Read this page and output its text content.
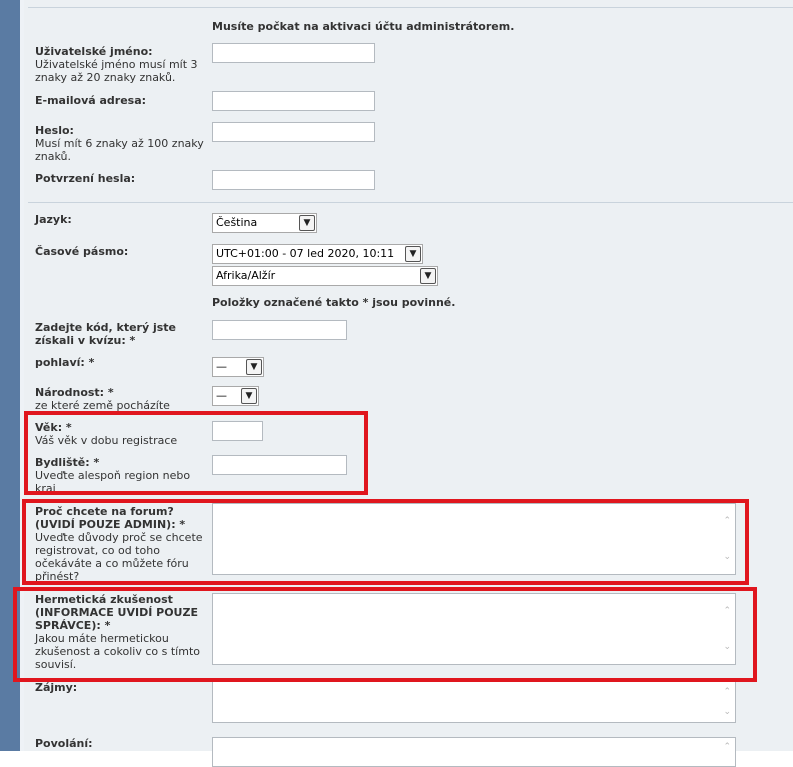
Musíte počkat na aktivaci účtu administrátorem.
Uživatelské jméno:
Uživatelské jméno musí mít 3 znaky až 20 znaky znaků.
E-mailová adresa:
Heslo:
Musí mít 6 znaky až 100 znaky znaků.
Potvrzení hesla:
Jazyk:	Čeština	▼
Časové pásmo:	UTC+01:00 - 07 led 2020, 10:11	▼
Afrika/Alžír	▼
Položky označené takto * jsou povinné.
Zadejte kód, který jste získali v kvízu: *
pohlaví: *	—	▼
Národnost: *
ze které země pocházíte
—	▼
Věk: *
Váš věk v dobu registrace
Bydliště: *
Uveďte alespoň region nebo kraj
Proč chcete na forum? (UVIDÍ POUZE ADMIN): *
Uveďte důvody proč se chcete registrovat, co od toho očekáváte a co můžete fóru přinést?
⌃
⌄
Hermetická zkušenost (INFORMACE UVIDÍ POUZE SPRÁVCE): *
Jakou máte hermetickou zkušenost a cokoliv co s tímto souvisí.
⌃
⌄
Zájmy:	⌃
⌄
Povolání:	⌃
